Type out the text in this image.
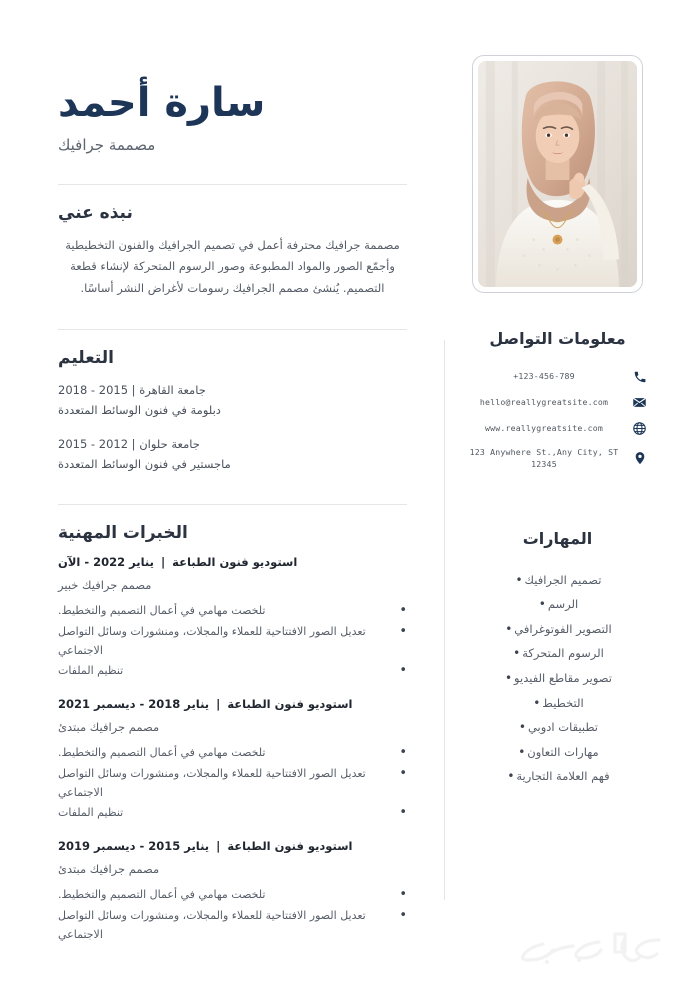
معلومات التواصل
+123-456-789
hello@reallygreatsite.com
www.reallygreatsite.com
123 Anywhere St.,Any City, ST 12345
المهارات
تصميم الجرافيك•
الرسم•
التصوير الفوتوغرافي•
الرسوم المتحركة•
تصوير مقاطع الفيديو•
التخطيط•
تطبيقات ادوبي•
مهارات التعاون•
فهم العلامة التجارية•
سارة أحمد
مصممة جرافيك
نبذه عني

مصممة جرافيك محترفة أعمل في تصميم الجرافيك والفنون التخطيطية وأجمّع الصور والمواد المطبوعة وصور الرسوم المتحركة لإنشاء قطعة التصميم. يُنشئ مصمم الجرافيك رسومات لأغراض النشر أساسًا.

التعليم
جامعة القاهرة | 2015 - 2018
دبلومة في فنون الوسائط المتعددة
جامعة حلوان | 2012 - 2015
ماجستير في فنون الوسائط المتعددة
الخبرات المهنية
استوديو فنون الطباعة|يناير 2022 - الآن
مصمم جرافيك خبير
• تلخصت مهامي في أعمال التصميم والتخطيط.
• تعديل الصور الافتتاحية للعملاء والمجلات، ومنشورات وسائل التواصل الاجتماعي
• تنظيم الملفات
استوديو فنون الطباعة|يناير 2018 - ديسمبر 2021
مصمم جرافيك مبتدئ
• تلخصت مهامي في أعمال التصميم والتخطيط.
• تعديل الصور الافتتاحية للعملاء والمجلات، ومنشورات وسائل التواصل الاجتماعي
• تنظيم الملفات
استوديو فنون الطباعة|يناير 2015 - ديسمبر 2019
مصمم جرافيك مبتدئ
• تلخصت مهامي في أعمال التصميم والتخطيط.
• تعديل الصور الافتتاحية للعملاء والمجلات، ومنشورات وسائل التواصل الاجتماعي
